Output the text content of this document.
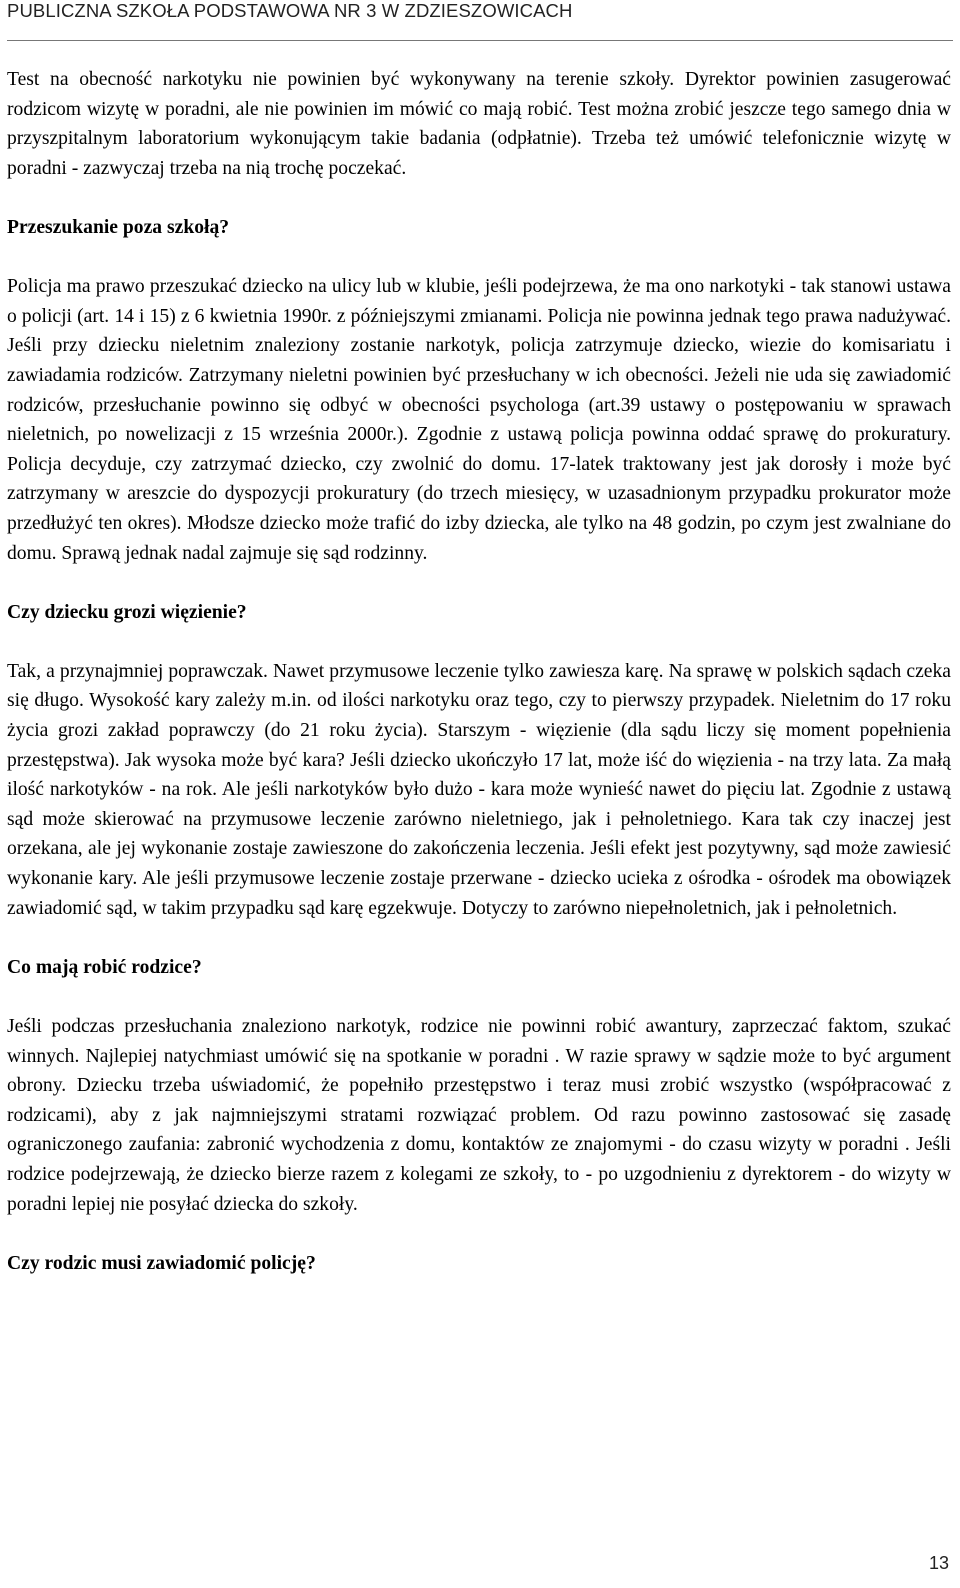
PUBLICZNA SZKOŁA PODSTAWOWA NR 3 W ZDZIESZOWICACH

Test na obecność narkotyku nie powinien być wykonywany na terenie szkoły. Dyrektor powinien zasugerować rodzicom wizytę w poradni, ale nie powinien im mówić co mają robić. Test można zrobić jeszcze tego samego dnia w przyszpitalnym laboratorium wykonującym takie badania (odpłatnie). Trzeba też umówić telefonicznie wizytę w poradni - zazwyczaj trzeba na nią trochę poczekać.

Przeszukanie poza szkołą?

Policja ma prawo przeszukać dziecko na ulicy lub w klubie, jeśli podejrzewa, że ma ono narkotyki - tak stanowi ustawa o policji (art. 14 i 15) z 6 kwietnia 1990r. z późniejszymi zmianami. Policja nie powinna jednak tego prawa nadużywać. Jeśli przy dziecku nieletnim znaleziony zostanie narkotyk, policja zatrzymuje dziecko, wiezie do komisariatu i zawiadamia rodziców. Zatrzymany nieletni powinien być przesłuchany w ich obecności. Jeżeli nie uda się zawiadomić rodziców, przesłuchanie powinno się odbyć w obecności psychologa (art.39 ustawy o postępowaniu w sprawach nieletnich, po nowelizacji z 15 września 2000r.). Zgodnie z ustawą policja powinna oddać sprawę do prokuratury. Policja decyduje, czy zatrzymać dziecko, czy zwolnić do domu. 17-latek traktowany jest jak dorosły i może być zatrzymany w areszcie do dyspozycji prokuratury (do trzech miesięcy, w uzasadnionym przypadku prokurator może przedłużyć ten okres). Młodsze dziecko może trafić do izby dziecka, ale tylko na 48 godzin, po czym jest zwalniane do domu. Sprawą jednak nadal zajmuje się sąd rodzinny.

Czy dziecku grozi więzienie?

Tak, a przynajmniej poprawczak. Nawet przymusowe leczenie tylko zawiesza karę. Na sprawę w polskich sądach czeka się długo. Wysokość kary zależy m.in. od ilości narkotyku oraz tego, czy to pierwszy przypadek. Nieletnim do 17 roku życia grozi zakład poprawczy (do 21 roku życia). Starszym - więzienie (dla sądu liczy się moment popełnienia przestępstwa). Jak wysoka może być kara? Jeśli dziecko ukończyło 17 lat, może iść do więzienia - na trzy lata. Za małą ilość narkotyków - na rok. Ale jeśli narkotyków było dużo - kara może wynieść nawet do pięciu lat. Zgodnie z ustawą sąd może skierować na przymusowe leczenie zarówno nieletniego, jak i pełnoletniego. Kara tak czy inaczej jest orzekana, ale jej wykonanie zostaje zawieszone do zakończenia leczenia. Jeśli efekt jest pozytywny, sąd może zawiesić wykonanie kary. Ale jeśli przymusowe leczenie zostaje przerwane - dziecko ucieka z ośrodka - ośrodek ma obowiązek zawiadomić sąd, w takim przypadku sąd karę egzekwuje. Dotyczy to zarówno niepełnoletnich, jak i pełnoletnich.

Co mają robić rodzice?

Jeśli podczas przesłuchania znaleziono narkotyk, rodzice nie powinni robić awantury, zaprzeczać faktom, szukać winnych. Najlepiej natychmiast umówić się na spotkanie w poradni . W razie sprawy w sądzie może to być argument obrony. Dziecku trzeba uświadomić, że popełniło przestępstwo i teraz musi zrobić wszystko (współpracować z rodzicami), aby z jak najmniejszymi stratami rozwiązać problem. Od razu powinno zastosować się zasadę ograniczonego zaufania: zabronić wychodzenia z domu, kontaktów ze znajomymi - do czasu wizyty w poradni . Jeśli rodzice podejrzewają, że dziecko bierze razem z kolegami ze szkoły, to - po uzgodnieniu z dyrektorem - do wizyty w poradni lepiej nie posyłać dziecka do szkoły.

Czy rodzic musi zawiadomić policję?
13
